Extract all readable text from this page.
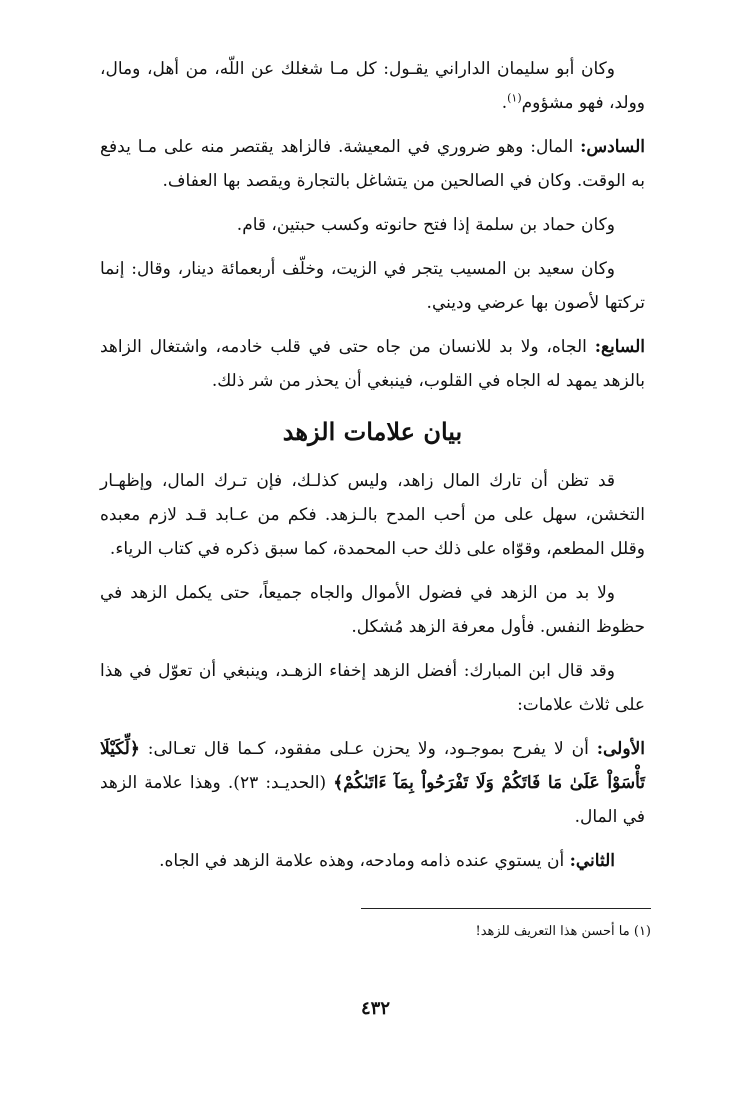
وكان أبو سليمان الداراني يقـول: كل مـا شغلك عن اللّه، من أهل، ومال، وولد، فهو مشؤوم$^{(١)}$.

السادس: المال: وهو ضروري في المعيشة. فالزاهد يقتصر منه على مـا يدفع به الوقت. وكان في الصالحين من يتشاغل بالتجارة ويقصد بها العفاف.

وكان حماد بن سلمة إذا فتح حانوته وكسب حبتين، قام.

وكان سعيد بن المسيب يتجر في الزيت، وخلّف أربعمائة دينار، وقال: إنما تركتها لأصون بها عرضي وديني.

السابع: الجاه، ولا بد للانسان من جاه حتى في قلب خادمه، واشتغال الزاهد بالزهد يمهد له الجاه في القلوب، فينبغي أن يحذر من شر ذلك.

بيان علامات الزهد

قد تظن أن تارك المال زاهد، وليس كذلـك، فإن تـرك المال، وإظهـار التخشن، سهل على من أحب المدح بالـزهد. فكم من عـابد قـد لازم معبده وقلل المطعم، وقوّاه على ذلك حب المحمدة، كما سبق ذكره في كتاب الرياء.

ولا بد من الزهد في فضول الأموال والجاه جميعاً، حتى يكمل الزهد في حظوظ النفس. فأول معرفة الزهد مُشكل.

وقد قال ابن المبارك: أفضل الزهد إخفاء الزهـد، وينبغي أن تعوّل في هذا على ثلاث علامات:

الأولى: أن لا يفرح بموجـود، ولا يحزن عـلى مفقود، كـما قال تعـالى: ﴿لِّكَيْلَا تَأْسَوْاْ عَلَىٰ مَا فَاتَكُمْ وَلَا تَفْرَحُواْ بِمَآ ءَاتَىٰكُمْ﴾ (الحديـد: ٢٣). وهذا علامة الزهد في المال.

الثاني: أن يستوي عنده ذامه ومادحه، وهذه علامة الزهد في الجاه.

(١) ما أحسن هذا التعريف للزهد!
٤٣٢
